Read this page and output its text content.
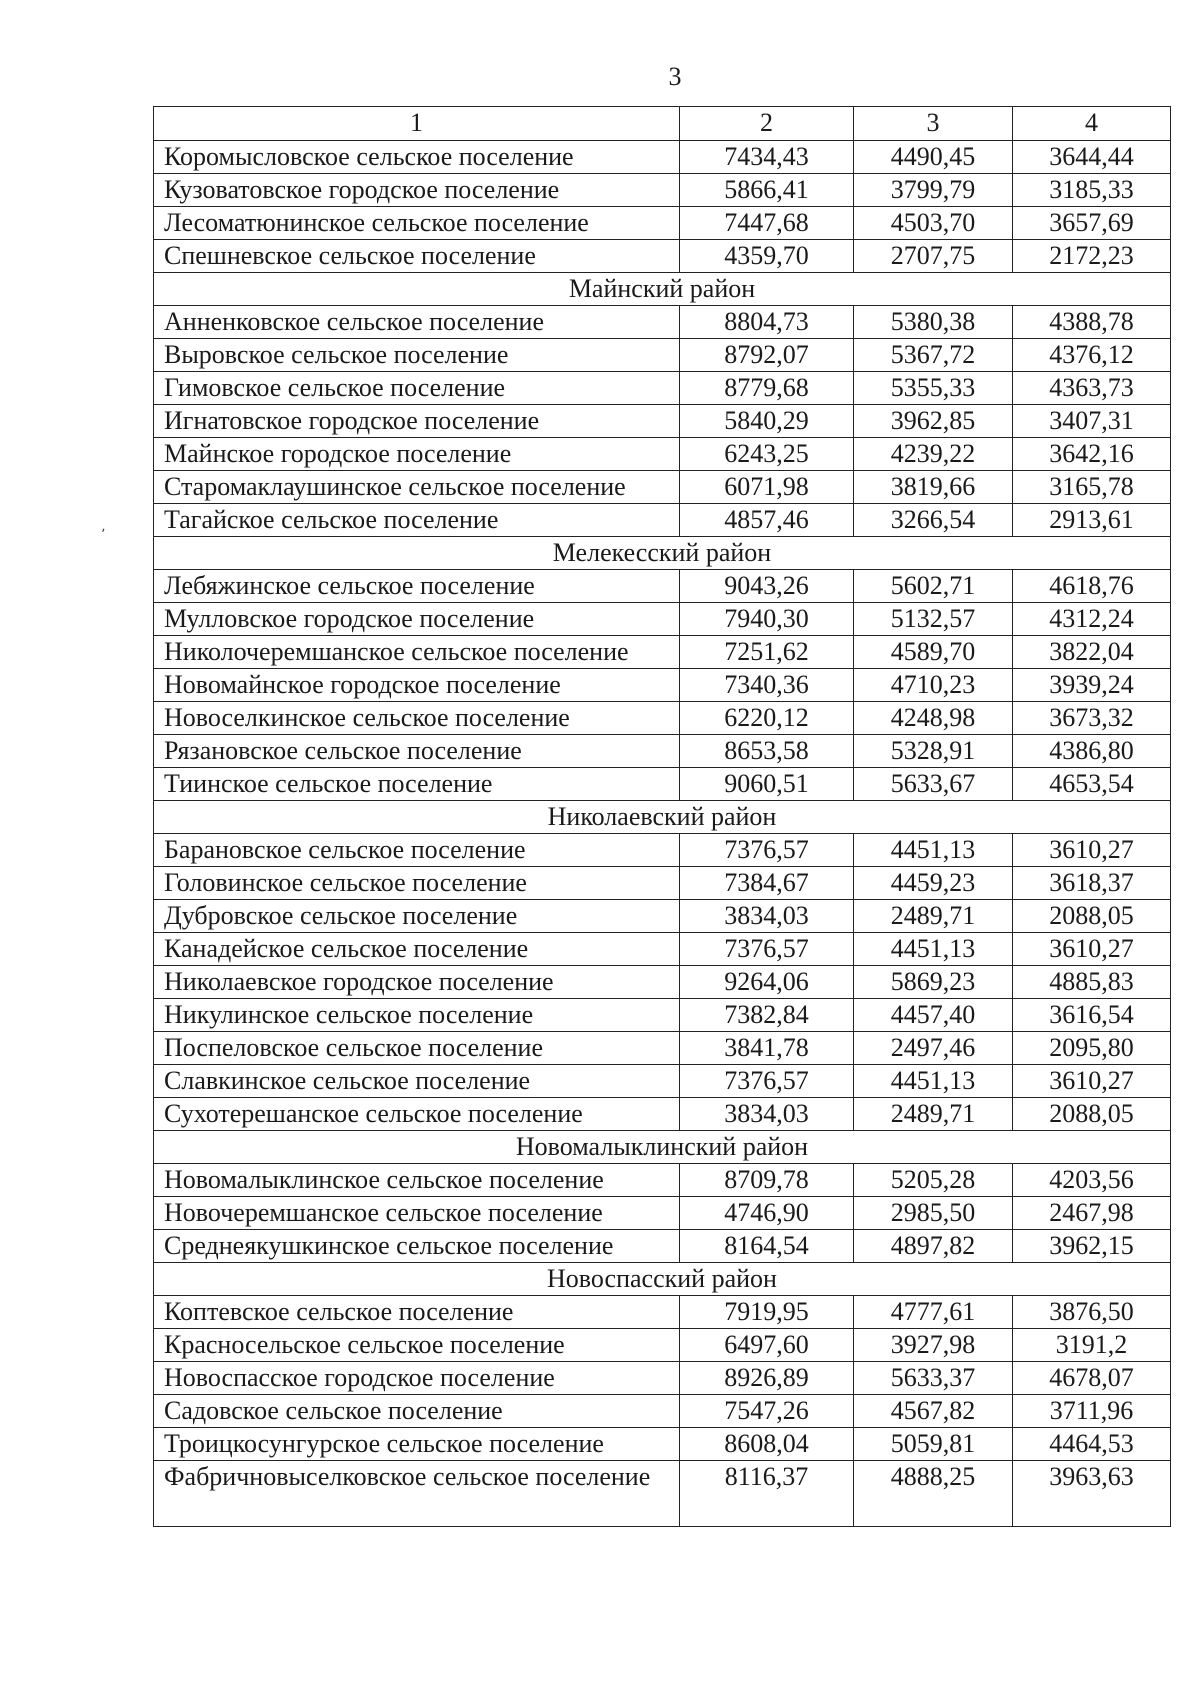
3
1	2	3	4
Коромысловское сельское поселение	7434,43	4490,45	3644,44
Кузоватовское городское поселение	5866,41	3799,79	3185,33
Лесоматюнинское сельское поселение	7447,68	4503,70	3657,69
Спешневское сельское поселение	4359,70	2707,75	2172,23
Майнский район			
Анненковское сельское поселение	8804,73	5380,38	4388,78
Выровское сельское поселение	8792,07	5367,72	4376,12
Гимовское сельское поселение	8779,68	5355,33	4363,73
Игнатовское городское поселение	5840,29	3962,85	3407,31
Майнское городское поселение	6243,25	4239,22	3642,16
Старомаклаушинское сельское поселение	6071,98	3819,66	3165,78
Тагайское сельское поселение	4857,46	3266,54	2913,61
Мелекесский район			
Лебяжинское сельское поселение	9043,26	5602,71	4618,76
Мулловское городское поселение	7940,30	5132,57	4312,24
Николочеремшанское сельское поселение	7251,62	4589,70	3822,04
Новомайнское городское поселение	7340,36	4710,23	3939,24
Новоселкинское сельское поселение	6220,12	4248,98	3673,32
Рязановское сельское поселение	8653,58	5328,91	4386,80
Тиинское сельское поселение	9060,51	5633,67	4653,54
Николаевский район			
Барановское сельское поселение	7376,57	4451,13	3610,27
Головинское сельское поселение	7384,67	4459,23	3618,37
Дубровское сельское поселение	3834,03	2489,71	2088,05
Канадейское сельское поселение	7376,57	4451,13	3610,27
Николаевское городское поселение	9264,06	5869,23	4885,83
Никулинское сельское поселение	7382,84	4457,40	3616,54
Поспеловское сельское поселение	3841,78	2497,46	2095,80
Славкинское сельское поселение	7376,57	4451,13	3610,27
Сухотерешанское сельское поселение	3834,03	2489,71	2088,05
Новомалыклинский район			
Новомалыклинское сельское поселение	8709,78	5205,28	4203,56
Новочеремшанское сельское поселение	4746,90	2985,50	2467,98
Среднеякушкинское сельское поселение	8164,54	4897,82	3962,15
Новоспасский район			
Коптевское сельское поселение	7919,95	4777,61	3876,50
Красносельское сельское поселение	6497,60	3927,98	3191,2
Новоспасское городское поселение	8926,89	5633,37	4678,07
Садовское сельское поселение	7547,26	4567,82	3711,96
Троицкосунгурское сельское поселение	8608,04	5059,81	4464,53
Фабричновыселковское сельское поселение	8116,37	4888,25	3963,63
٬
